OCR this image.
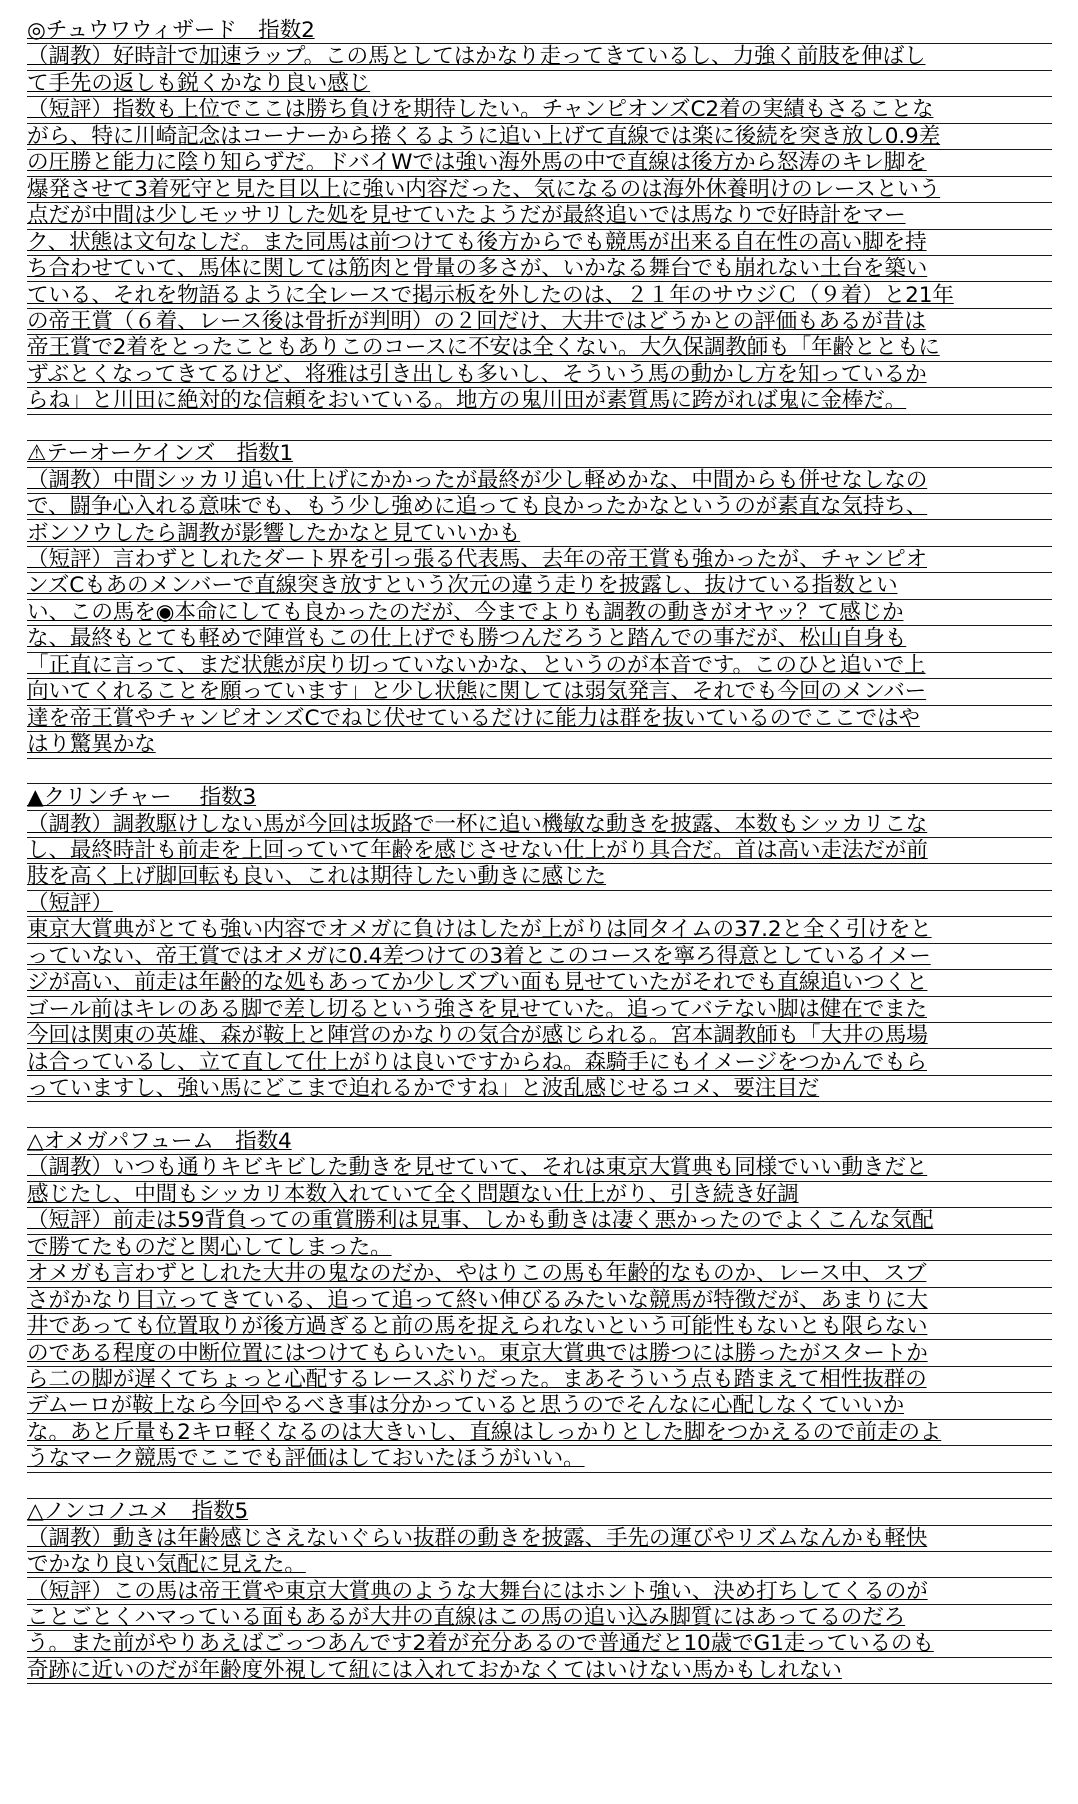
◎チュウワウィザード　指数2
（調教）好時計で加速ラップ。この馬としてはかなり走ってきているし、力強く前肢を伸ばし
て手先の返しも鋭くかなり良い感じ
（短評）指数も上位でここは勝ち負けを期待したい。チャンピオンズC2着の実績もさることな
がら、特に川崎記念はコーナーから捲くるように追い上げて直線では楽に後続を突き放し0.9差
の圧勝と能力に陰り知らずだ。ドバイWでは強い海外馬の中で直線は後方から怒涛のキレ脚を
爆発させて3着死守と見た目以上に強い内容だった、気になるのは海外休養明けのレースという
点だが中間は少しモッサリした処を見せていたようだが最終追いでは馬なりで好時計をマー
ク、状態は文句なしだ。また同馬は前つけても後方からでも競馬が出来る自在性の高い脚を持
ち合わせていて、馬体に関しては筋肉と骨量の多さが、いかなる舞台でも崩れない土台を築い
ている、それを物語るように全レースで掲示板を外したのは、２１年のサウジＣ（９着）と21年
の帝王賞（６着、レース後は骨折が判明）の２回だけ、大井ではどうかとの評価もあるが昔は
帝王賞で2着をとったこともありこのコースに不安は全くない。大久保調教師も「年齢とともに
ずぶとくなってきてるけど、将雅は引き出しも多いし、そういう馬の動かし方を知っているか
らね」と川田に絶対的な信頼をおいている。地方の鬼川田が素質馬に跨がれば鬼に金棒だ。
⚠テーオーケインズ　指数1
（調教）中間シッカリ追い仕上げにかかったが最終が少し軽めかな、中間からも併せなしなの
で、闘争心入れる意味でも、もう少し強めに追っても良かったかなというのが素直な気持ち、
ボンソウしたら調教が影響したかなと見ていいかも
（短評）言わずとしれたダート界を引っ張る代表馬、去年の帝王賞も強かったが、チャンピオ
ンズCもあのメンバーで直線突き放すという次元の違う走りを披露し、抜けている指数とい
い、この馬を◉本命にしても良かったのだが、今までよりも調教の動きがオヤッ？て感じか
な、最終もとても軽めで陣営もこの仕上げでも勝つんだろうと踏んでの事だが、松山自身も
「正直に言って、まだ状態が戻り切っていないかな、というのが本音です。このひと追いで上
向いてくれることを願っています」と少し状態に関しては弱気発言、それでも今回のメンバー
達を帝王賞やチャンピオンズCでねじ伏せているだけに能力は群を抜いているのでここではや
はり驚異かな
▲クリンチャー　 指数3
（調教）調教駆けしない馬が今回は坂路で一杯に追い機敏な動きを披露、本数もシッカリこな
し、最終時計も前走を上回っていて年齢を感じさせない仕上がり具合だ。首は高い走法だが前
肢を高く上げ脚回転も良い、これは期待したい動きに感じた
（短評）
東京大賞典がとても強い内容でオメガに負けはしたが上がりは同タイムの37.2と全く引けをと
っていない、帝王賞ではオメガに0.4差つけての3着とこのコースを寧ろ得意としているイメー
ジが高い、前走は年齢的な処もあってか少しズブい面も見せていたがそれでも直線追いつくと
ゴール前はキレのある脚で差し切るという強さを見せていた。追ってバテない脚は健在でまた
今回は関東の英雄、森が鞍上と陣営のかなりの気合が感じられる。宮本調教師も「大井の馬場
は合っているし、立て直して仕上がりは良いですからね。森騎手にもイメージをつかんでもら
っていますし、強い馬にどこまで迫れるかですね」と波乱感じせるコメ、要注目だ
△オメガパフューム　指数4
（調教）いつも通りキビキビした動きを見せていて、それは東京大賞典も同様でいい動きだと
感じたし、中間もシッカリ本数入れていて全く問題ない仕上がり、引き続き好調
（短評）前走は59背負っての重賞勝利は見事、しかも動きは凄く悪かったのでよくこんな気配
で勝てたものだと関心してしまった。
オメガも言わずとしれた大井の鬼なのだか、やはりこの馬も年齢的なものか、レース中、スブ
さがかなり目立ってきている、追って追って終い伸びるみたいな競馬が特徴だが、あまりに大
井であっても位置取りが後方過ぎると前の馬を捉えられないという可能性もないとも限らない
のである程度の中断位置にはつけてもらいたい。東京大賞典では勝つには勝ったがスタートか
ら二の脚が遅くてちょっと心配するレースぶりだった。まあそういう点も踏まえて相性抜群の
デムーロが鞍上なら今回やるべき事は分かっていると思うのでそんなに心配しなくていいか
な。あと斤量も2キロ軽くなるのは大きいし、直線はしっかりとした脚をつかえるので前走のよ
うなマーク競馬でここでも評価はしておいたほうがいい。
△ノンコノユメ　指数5
（調教）動きは年齢感じさえないぐらい抜群の動きを披露、手先の運びやリズムなんかも軽快
でかなり良い気配に見えた。
（短評）この馬は帝王賞や東京大賞典のような大舞台にはホント強い、決め打ちしてくるのが
ことごとくハマっている面もあるが大井の直線はこの馬の追い込み脚質にはあってるのだろ
う。また前がやりあえばごっつあんです2着が充分あるので普通だと10歳でG1走っているのも
奇跡に近いのだが年齢度外視して紐には入れておかなくてはいけない馬かもしれない
